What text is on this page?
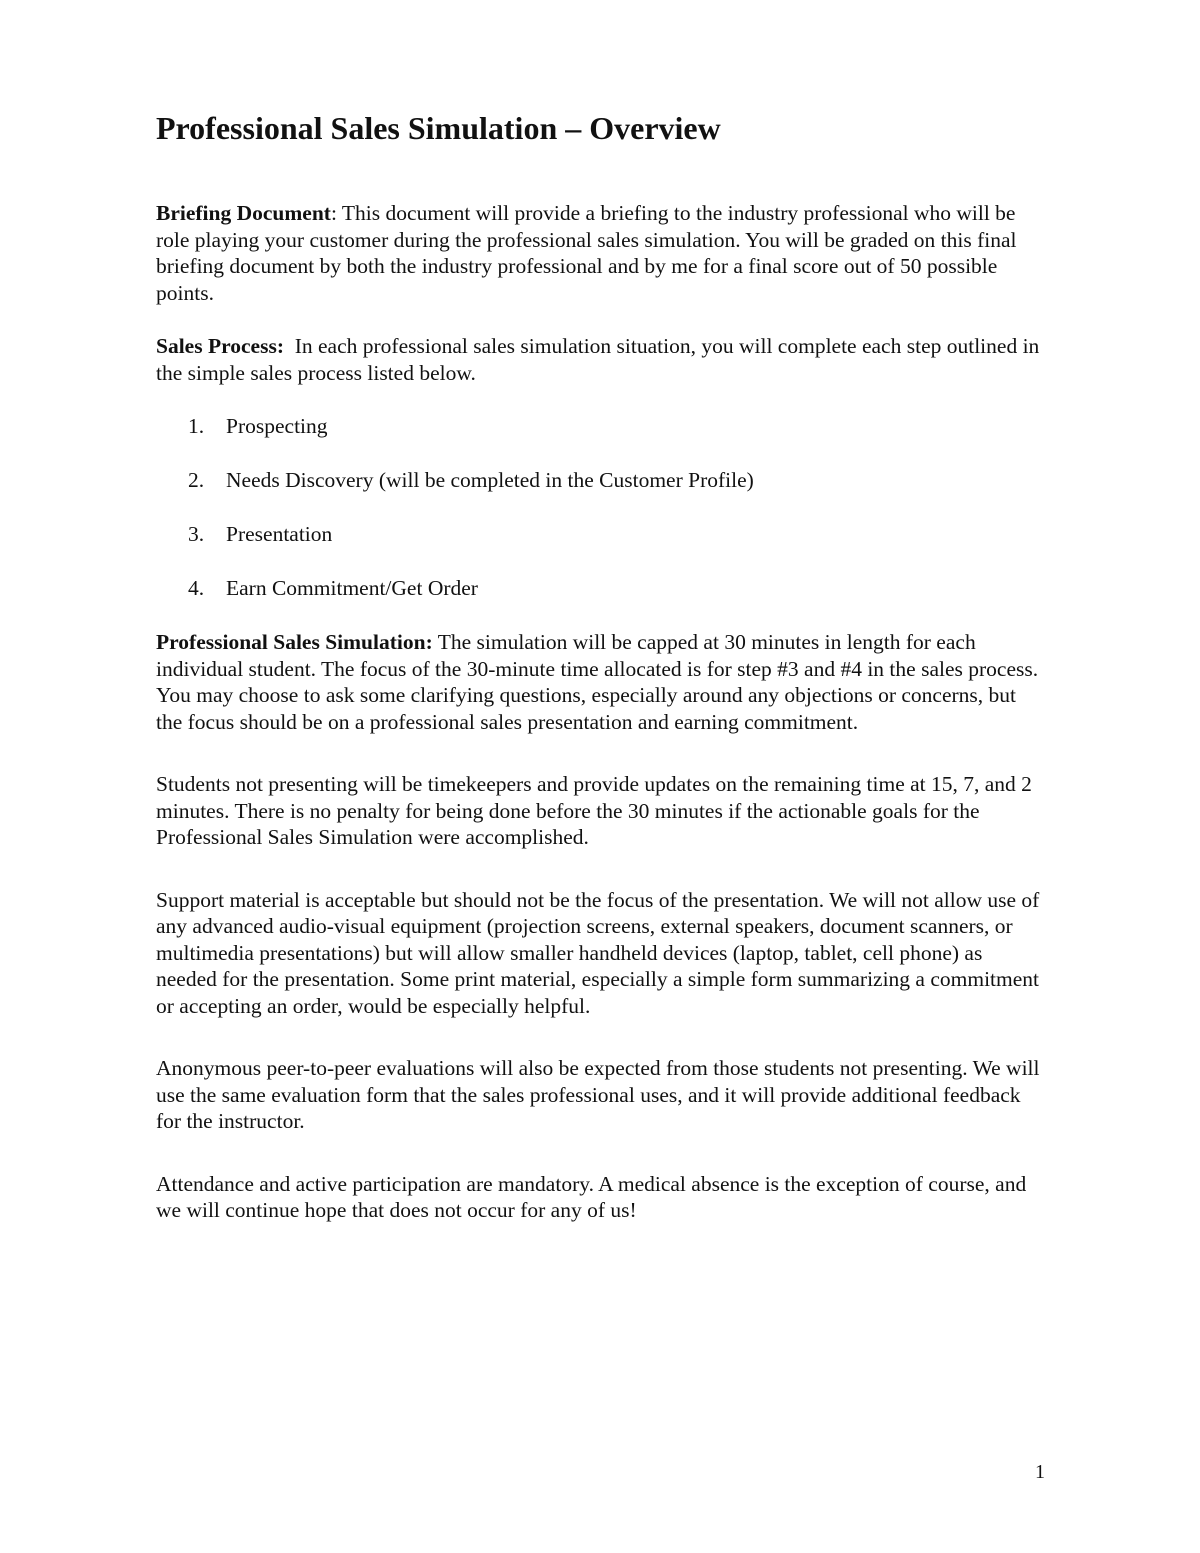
Professional Sales Simulation – Overview

Briefing Document: This document will provide a briefing to the industry professional who will be role playing your customer during the professional sales simulation. You will be graded on this final briefing document by both the industry professional and by me for a final score out of 50 possible points.

Sales Process:  In each professional sales simulation situation, you will complete each step outlined in the simple sales process listed below.

1. Prospecting
2. Needs Discovery (will be completed in the Customer Profile)
3. Presentation
4. Earn Commitment/Get Order

Professional Sales Simulation: The simulation will be capped at 30 minutes in length for each individual student. The focus of the 30-minute time allocated is for step #3 and #4 in the sales process. You may choose to ask some clarifying questions, especially around any objections or concerns, but the focus should be on a professional sales presentation and earning commitment.

Students not presenting will be timekeepers and provide updates on the remaining time at 15, 7, and 2 minutes. There is no penalty for being done before the 30 minutes if the actionable goals for the Professional Sales Simulation were accomplished.

Support material is acceptable but should not be the focus of the presentation. We will not allow use of any advanced audio-visual equipment (projection screens, external speakers, document scanners, or multimedia presentations) but will allow smaller handheld devices (laptop, tablet, cell phone) as needed for the presentation. Some print material, especially a simple form summarizing a commitment or accepting an order, would be especially helpful.

Anonymous peer-to-peer evaluations will also be expected from those students not presenting. We will use the same evaluation form that the sales professional uses, and it will provide additional feedback for the instructor.

Attendance and active participation are mandatory. A medical absence is the exception of course, and we will continue hope that does not occur for any of us!

1
